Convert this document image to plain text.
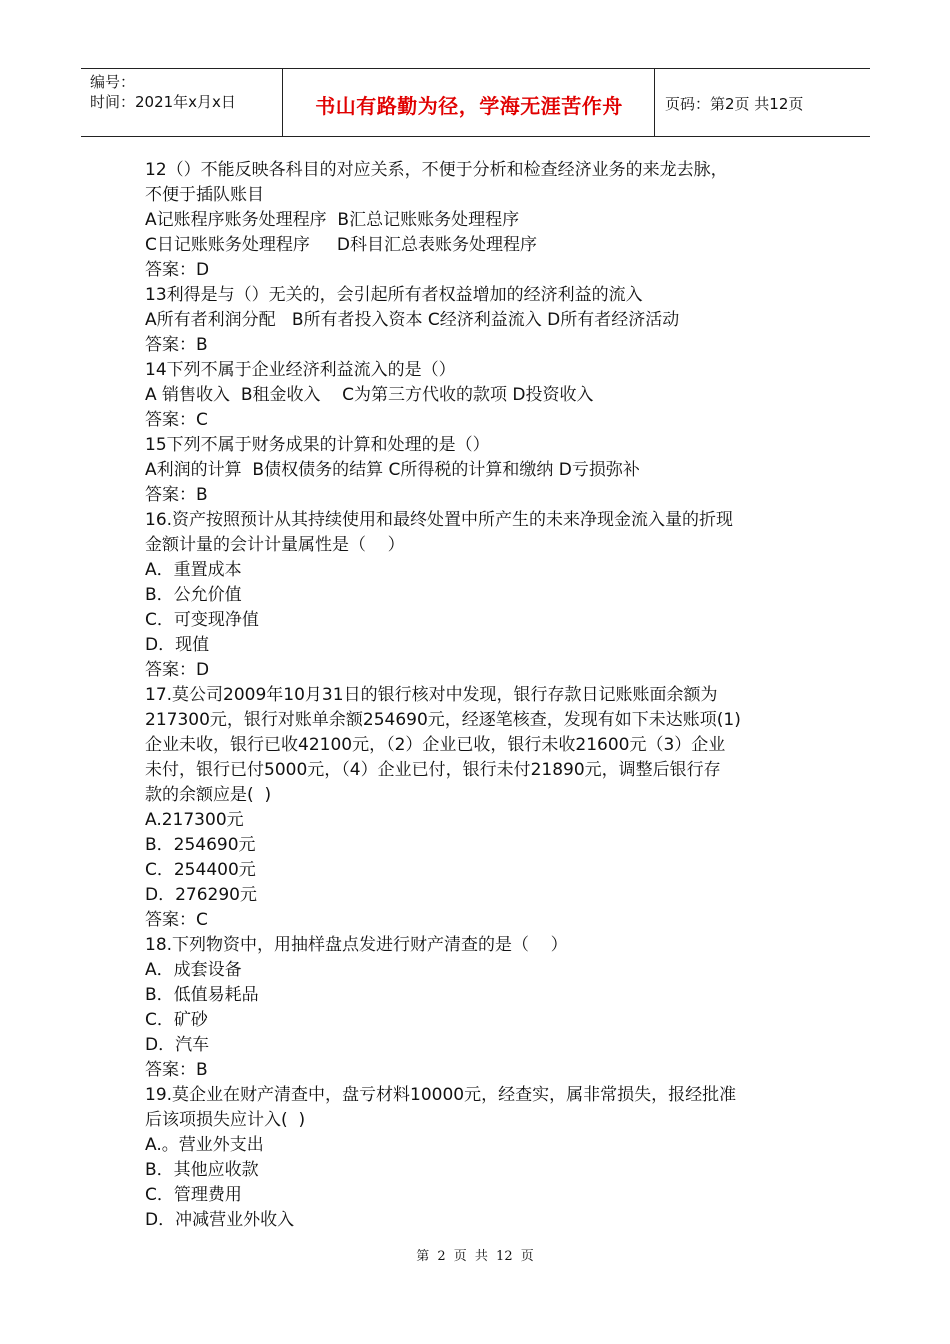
编号：
时间：2021年x月x日	书山有路勤为径，学海无涯苦作舟	页码：第2页 共12页
12（）不能反映各科目的对应关系，不便于分析和检查经济业务的来龙去脉，
不便于插队账目
A记账程序账务处理程序  B汇总记账账务处理程序
C日记账账务处理程序     D科目汇总表账务处理程序
答案：D
13利得是与（）无关的，会引起所有者权益增加的经济利益的流入
A所有者利润分配   B所有者投入资本 C经济利益流入 D所有者经济活动
答案：B
14下列不属于企业经济利益流入的是（）
A 销售收入  B租金收入    C为第三方代收的款项 D投资收入
答案：C
15下列不属于财务成果的计算和处理的是（）
A利润的计算  B债权债务的结算 C所得税的计算和缴纳 D亏损弥补
答案：B
16.资产按照预计从其持续使用和最终处置中所产生的未来净现金流入量的折现
金额计量的会计计量属性是（    ）
A．重置成本
B．公允价值
C．可变现净值
D．现值
答案：D
17.莫公司2009年10月31日的银行核对中发现，银行存款日记账账面余额为
217300元，银行对账单余额254690元，经逐笔核查，发现有如下未达账项(1)
企业未收，银行已收42100元，（2）企业已收，银行未收21600元（3）企业
未付，银行已付5000元，（4）企业已付，银行未付21890元，调整后银行存
款的余额应是(  )
A.217300元
B．254690元
C．254400元
D．276290元
答案：C
18.下列物资中，用抽样盘点发进行财产清查的是（    ）
A．成套设备
B．低值易耗品
C．矿砂
D．汽车
答案：B
19.莫企业在财产清查中，盘亏材料10000元，经查实，属非常损失，报经批准
后该项损失应计入(  )
A.。营业外支出
B．其他应收款
C．管理费用
D．冲减营业外收入
第 2 页 共 12 页
